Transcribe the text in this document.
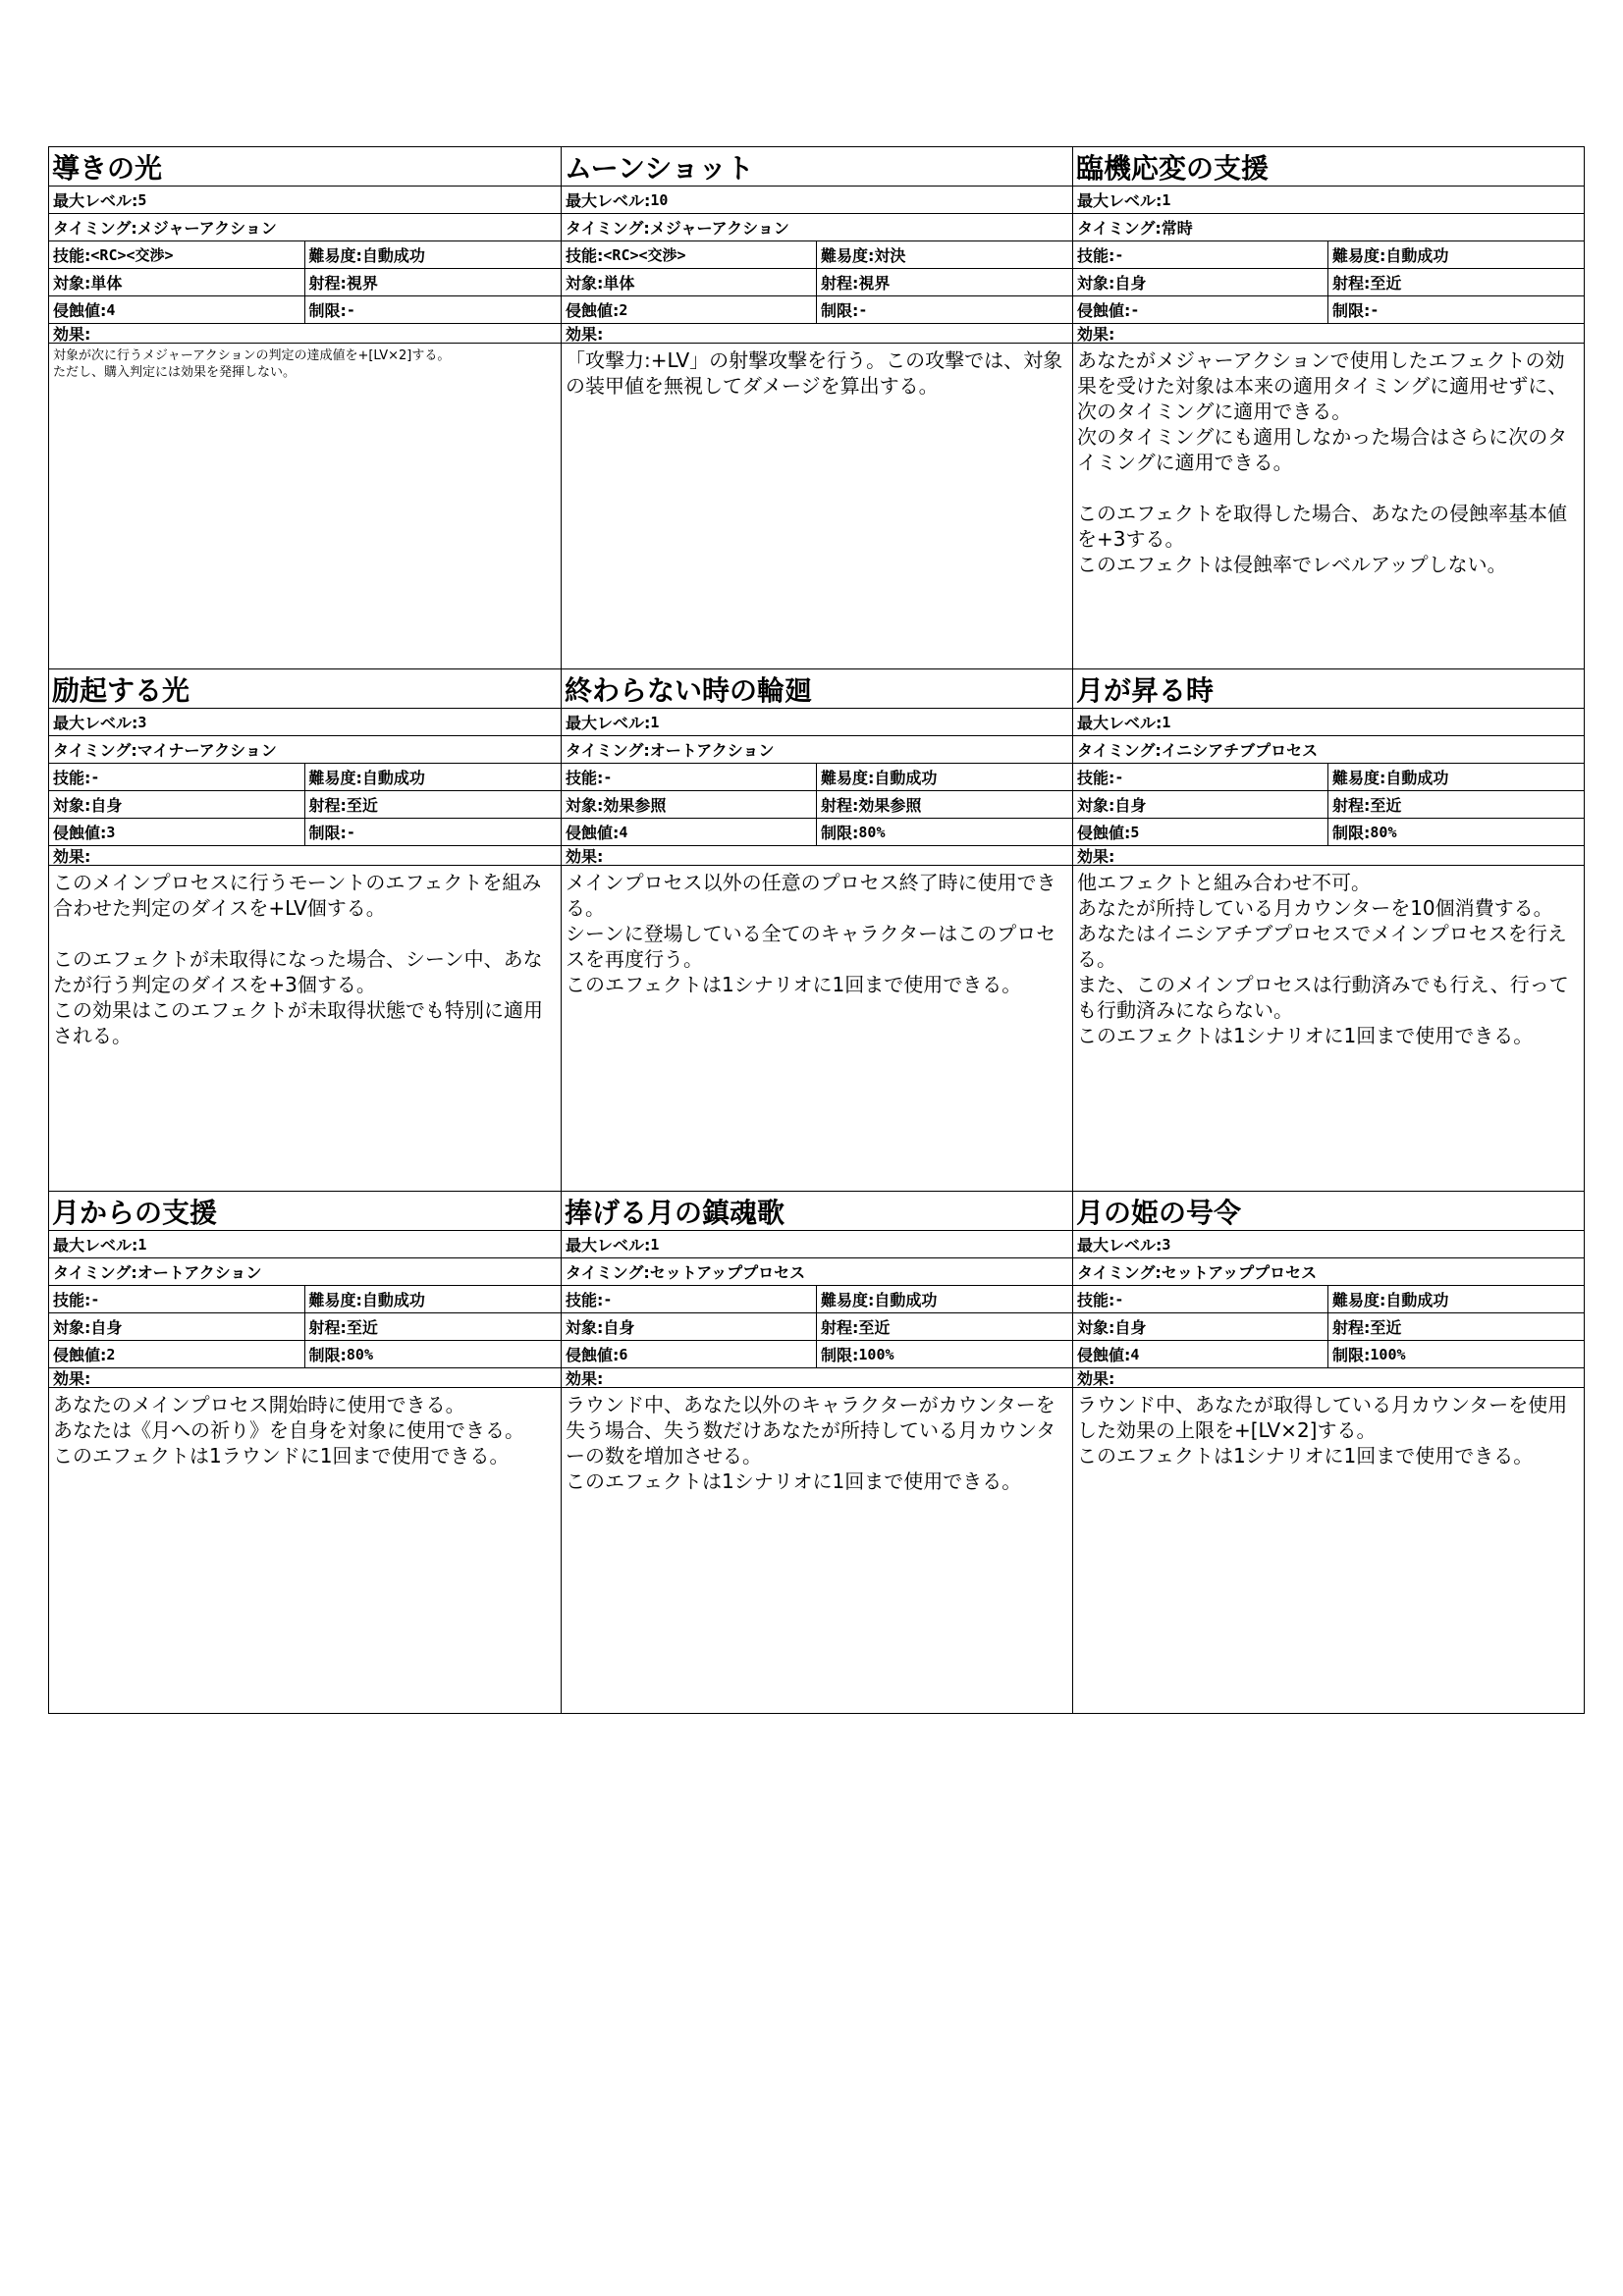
導きの光
最大レベル: 5
タイミング: メジャーアクション
技能: <RC><交渉>	難易度: 自動成功
対象: 単体	射程: 視界
侵蝕値: 4	制限: -
効果:
対象が次に行うメジャーアクションの判定の達成値を+[LV×2]する。
ただし、購入判定には効果を発揮しない。
ムーンショット
最大レベル: 10
タイミング: メジャーアクション
技能: <RC><交渉>	難易度: 対決
対象: 単体	射程: 視界
侵蝕値: 2	制限: -
効果:
「攻撃力:+LV」の射撃攻撃を行う。この攻撃では、対象の装甲値を無視してダメージを算出する。
臨機応変の支援
最大レベル: 1
タイミング: 常時
技能: -	難易度: 自動成功
対象: 自身	射程: 至近
侵蝕値: -	制限: -
効果:
あなたがメジャーアクションで使用したエフェクトの効果を受けた対象は本来の適用タイミングに適用せずに、次のタイミングに適用できる。
次のタイミングにも適用しなかった場合はさらに次のタイミングに適用できる。

このエフェクトを取得した場合、あなたの侵蝕率基本値を+3する。
このエフェクトは侵蝕率でレベルアップしない。
励起する光
最大レベル: 3
タイミング: マイナーアクション
技能: -	難易度: 自動成功
対象: 自身	射程: 至近
侵蝕値: 3	制限: -
効果:
このメインプロセスに行うモーントのエフェクトを組み合わせた判定のダイスを+LV個する。

このエフェクトが未取得になった場合、シーン中、あなたが行う判定のダイスを+3個する。
この効果はこのエフェクトが未取得状態でも特別に適用される。
終わらない時の輪廻
最大レベル: 1
タイミング: オートアクション
技能: -	難易度: 自動成功
対象: 効果参照	射程: 効果参照
侵蝕値: 4	制限: 80%
効果:
メインプロセス以外の任意のプロセス終了時に使用できる。
シーンに登場している全てのキャラクターはこのプロセスを再度行う。
このエフェクトは1シナリオに1回まで使用できる。
月が昇る時
最大レベル: 1
タイミング: イニシアチブプロセス
技能: -	難易度: 自動成功
対象: 自身	射程: 至近
侵蝕値: 5	制限: 80%
効果:
他エフェクトと組み合わせ不可。
あなたが所持している月カウンターを10個消費する。
あなたはイニシアチブプロセスでメインプロセスを行える。
また、このメインプロセスは行動済みでも行え、行っても行動済みにならない。
このエフェクトは1シナリオに1回まで使用できる。
月からの支援
最大レベル: 1
タイミング: オートアクション
技能: -	難易度: 自動成功
対象: 自身	射程: 至近
侵蝕値: 2	制限: 80%
効果:
あなたのメインプロセス開始時に使用できる。
あなたは《月への祈り》を自身を対象に使用できる。
このエフェクトは1ラウンドに1回まで使用できる。
捧げる月の鎮魂歌
最大レベル: 1
タイミング: セットアッププロセス
技能: -	難易度: 自動成功
対象: 自身	射程: 至近
侵蝕値: 6	制限: 100%
効果:
ラウンド中、あなた以外のキャラクターがカウンターを失う場合、失う数だけあなたが所持している月カウンターの数を増加させる。
このエフェクトは1シナリオに1回まで使用できる。
月の姫の号令
最大レベル: 3
タイミング: セットアッププロセス
技能: -	難易度: 自動成功
対象: 自身	射程: 至近
侵蝕値: 4	制限: 100%
効果:
ラウンド中、あなたが取得している月カウンターを使用した効果の上限を+[LV×2]する。
このエフェクトは1シナリオに1回まで使用できる。
